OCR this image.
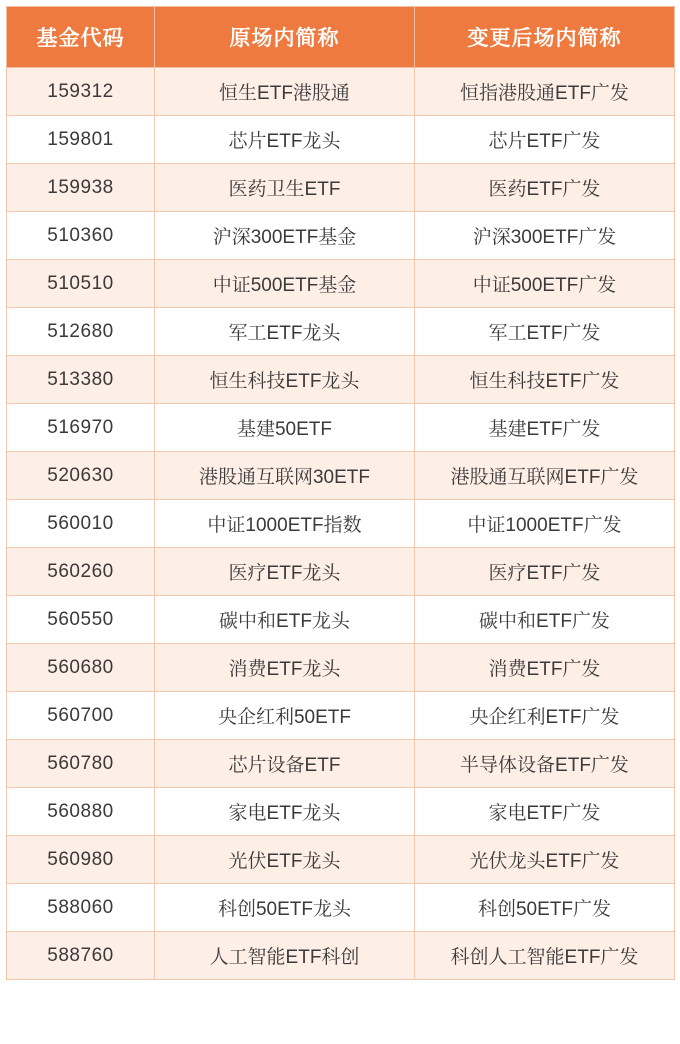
基金代码	原场内简称	变更后场内简称
159312	恒生ETF港股通	恒指港股通ETF广发
159801	芯片ETF龙头	芯片ETF广发
159938	医药卫生ETF	医药ETF广发
510360	沪深300ETF基金	沪深300ETF广发
510510	中证500ETF基金	中证500ETF广发
512680	军工ETF龙头	军工ETF广发
513380	恒生科技ETF龙头	恒生科技ETF广发
516970	基建50ETF	基建ETF广发
520630	港股通互联网30ETF	港股通互联网ETF广发
560010	中证1000ETF指数	中证1000ETF广发
560260	医疗ETF龙头	医疗ETF广发
560550	碳中和ETF龙头	碳中和ETF广发
560680	消费ETF龙头	消费ETF广发
560700	央企红利50ETF	央企红利ETF广发
560780	芯片设备ETF	半导体设备ETF广发
560880	家电ETF龙头	家电ETF广发
560980	光伏ETF龙头	光伏龙头ETF广发
588060	科创50ETF龙头	科创50ETF广发
588760	人工智能ETF科创	科创人工智能ETF广发
